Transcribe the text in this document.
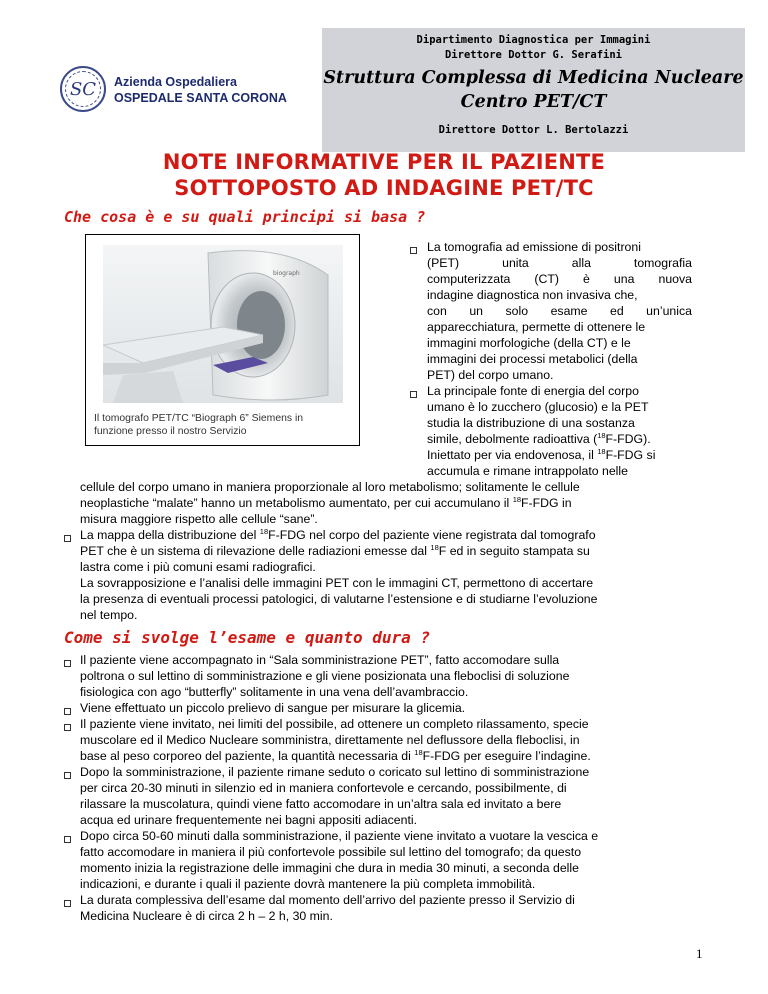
SC	Azienda Ospedaliera
OSPEDALE SANTA CORONA
Dipartimento Diagnostica per Immagini
Direttore Dottor G. Serafini
Struttura Complessa di Medicina Nucleare
Centro PET/CT
Direttore Dottor L. Bertolazzi
NOTE INFORMATIVE PER IL PAZIENTE
SOTTOPOSTO AD INDAGINE PET/TC
Che cosa è e su quali principi si basa ?
biograph
Il tomografo PET/TC “Biograph 6” Siemens in
funzione presso il nostro Servizio
La tomografia ad emissione di positroni
(PET) unita alla tomografia
computerizzata (CT) è una nuova
indagine diagnostica non invasiva che,
con un solo esame ed un’unica
apparecchiatura, permette di ottenere le
immagini morfologiche (della CT) e le
immagini dei processi metabolici (della
PET) del corpo umano.
La principale fonte di energia del corpo
umano è lo zucchero (glucosio) e la PET
studia la distribuzione di una sostanza
simile, debolmente radioattiva ($^{18}$F-FDG).
Iniettato per via endovenosa, il $^{18}$F-FDG si
accumula e rimane intrappolato nelle
cellule del corpo umano in maniera proporzionale al loro metabolismo; solitamente le cellule
neoplastiche “malate” hanno un metabolismo aumentato, per cui accumulano il $^{18}$F-FDG in
misura maggiore rispetto alle cellule “sane”.
La mappa della distribuzione del $^{18}$F-FDG nel corpo del paziente viene registrata dal tomografo
PET che è un sistema di rilevazione delle radiazioni emesse dal $^{18}$F ed in seguito stampata su
lastra come i più comuni esami radiografici.
La sovrapposizione e l’analisi delle immagini PET con le immagini CT, permettono di accertare
la presenza di eventuali processi patologici, di valutarne l’estensione e di studiarne l’evoluzione
nel tempo.
Come si svolge l’esame e quanto dura ?
Il paziente viene accompagnato in “Sala somministrazione PET”, fatto accomodare sulla
poltrona o sul lettino di somministrazione e gli viene posizionata una fleboclisi di soluzione
fisiologica con ago “butterfly” solitamente in una vena dell’avambraccio.
Viene effettuato un piccolo prelievo di sangue per misurare la glicemia.
Il paziente viene invitato, nei limiti del possibile, ad ottenere un completo rilassamento, specie
muscolare ed il Medico Nucleare somministra, direttamente nel deflussore della fleboclisi, in
base al peso corporeo del paziente, la quantità necessaria di $^{18}$F-FDG per eseguire l’indagine.
Dopo la somministrazione, il paziente rimane seduto o coricato sul lettino di somministrazione
per circa 20-30 minuti in silenzio ed in maniera confortevole e cercando, possibilmente, di
rilassare la muscolatura, quindi viene fatto accomodare in un’altra sala ed invitato a bere
acqua ed urinare frequentemente nei bagni appositi adiacenti.
Dopo circa 50-60 minuti dalla somministrazione, il paziente viene invitato a vuotare la vescica e
fatto accomodare in maniera il più confortevole possibile sul lettino del tomografo; da questo
momento inizia la registrazione delle immagini che dura in media 30 minuti, a seconda delle
indicazioni, e durante i quali il paziente dovrà mantenere la più completa immobilità.
La durata complessiva dell’esame dal momento dell’arrivo del paziente presso il Servizio di
Medicina Nucleare è di circa 2 h – 2 h, 30 min.
1
